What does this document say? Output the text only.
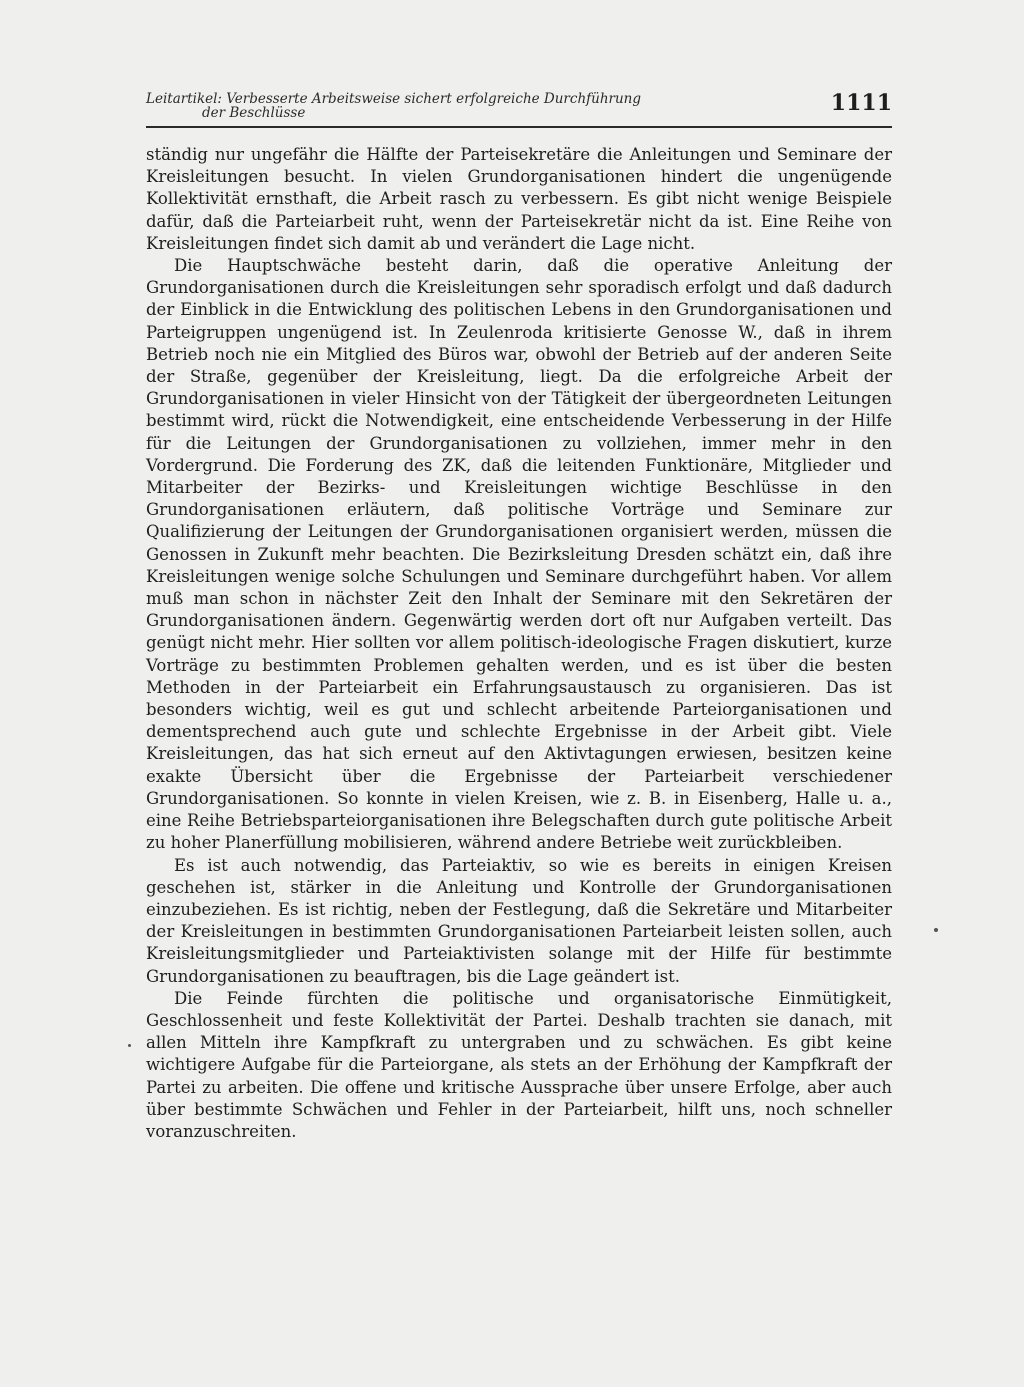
Leitartikel: Verbesserte Arbeitsweise sichert erfolgreiche Durchführung
der Beschlüsse	1111

ständig nur ungefähr die Hälfte der Parteisekretäre die Anleitungen und Seminare der Kreisleitungen besucht. In vielen Grundorganisationen hindert die ungenügende Kollektivität ernsthaft, die Arbeit rasch zu verbessern. Es gibt nicht wenige Beispiele dafür, daß die Parteiarbeit ruht, wenn der Parteisekretär nicht da ist. Eine Reihe von Kreisleitungen findet sich damit ab und verändert die Lage nicht.

Die Hauptschwäche besteht darin, daß die operative Anleitung der Grundorganisationen durch die Kreisleitungen sehr sporadisch erfolgt und daß dadurch der Einblick in die Entwicklung des politischen Lebens in den Grundorganisationen und Parteigruppen ungenügend ist. In Zeulenroda kritisierte Genosse W., daß in ihrem Betrieb noch nie ein Mitglied des Büros war, obwohl der Betrieb auf der anderen Seite der Straße, gegenüber der Kreisleitung, liegt. Da die erfolgreiche Arbeit der Grundorganisationen in vieler Hinsicht von der Tätigkeit der übergeordneten Leitungen bestimmt wird, rückt die Notwendigkeit, eine entscheidende Verbesserung in der Hilfe für die Leitungen der Grundorganisationen zu vollziehen, immer mehr in den Vordergrund. Die Forderung des ZK, daß die leitenden Funktionäre, Mitglieder und Mitarbeiter der Bezirks- und Kreisleitungen wichtige Beschlüsse in den Grundorganisationen erläutern, daß politische Vorträge und Seminare zur Qualifizierung der Leitungen der Grundorganisationen organisiert werden, müssen die Genossen in Zukunft mehr beachten. Die Bezirksleitung Dresden schätzt ein, daß ihre Kreisleitungen wenige solche Schulungen und Seminare durchgeführt haben. Vor allem muß man schon in nächster Zeit den Inhalt der Seminare mit den Sekretären der Grundorganisationen ändern. Gegenwärtig werden dort oft nur Aufgaben verteilt. Das genügt nicht mehr. Hier sollten vor allem politisch-ideologische Fragen diskutiert, kurze Vorträge zu bestimmten Problemen gehalten werden, und es ist über die besten Methoden in der Parteiarbeit ein Erfahrungsaustausch zu organisieren. Das ist besonders wichtig, weil es gut und schlecht arbeitende Parteiorganisationen und dementsprechend auch gute und schlechte Ergebnisse in der Arbeit gibt. Viele Kreisleitungen, das hat sich erneut auf den Aktivtagungen erwiesen, besitzen keine exakte Übersicht über die Ergebnisse der Parteiarbeit verschiedener Grundorganisationen. So konnte in vielen Kreisen, wie z. B. in Eisenberg, Halle u. a., eine Reihe Betriebsparteiorganisationen ihre Belegschaften durch gute politische Arbeit zu hoher Planerfüllung mobilisieren, während andere Betriebe weit zurückbleiben.

Es ist auch notwendig, das Parteiaktiv, so wie es bereits in einigen Kreisen geschehen ist, stärker in die Anleitung und Kontrolle der Grundorganisationen einzubeziehen. Es ist richtig, neben der Festlegung, daß die Sekretäre und Mitarbeiter der Kreisleitungen in bestimmten Grundorganisationen Parteiarbeit leisten sollen, auch Kreisleitungsmitglieder und Parteiaktivisten solange mit der Hilfe für bestimmte Grundorganisationen zu beauftragen, bis die Lage geändert ist.

Die Feinde fürchten die politische und organisatorische Einmütigkeit, Geschlossenheit und feste Kollektivität der Partei. Deshalb trachten sie danach, mit allen Mitteln ihre Kampfkraft zu untergraben und zu schwächen. Es gibt keine wichtigere Aufgabe für die Parteiorgane, als stets an der Erhöhung der Kampfkraft der Partei zu arbeiten. Die offene und kritische Aussprache über unsere Erfolge, aber auch über bestimmte Schwächen und Fehler in der Parteiarbeit, hilft uns, noch schneller voranzuschreiten.
